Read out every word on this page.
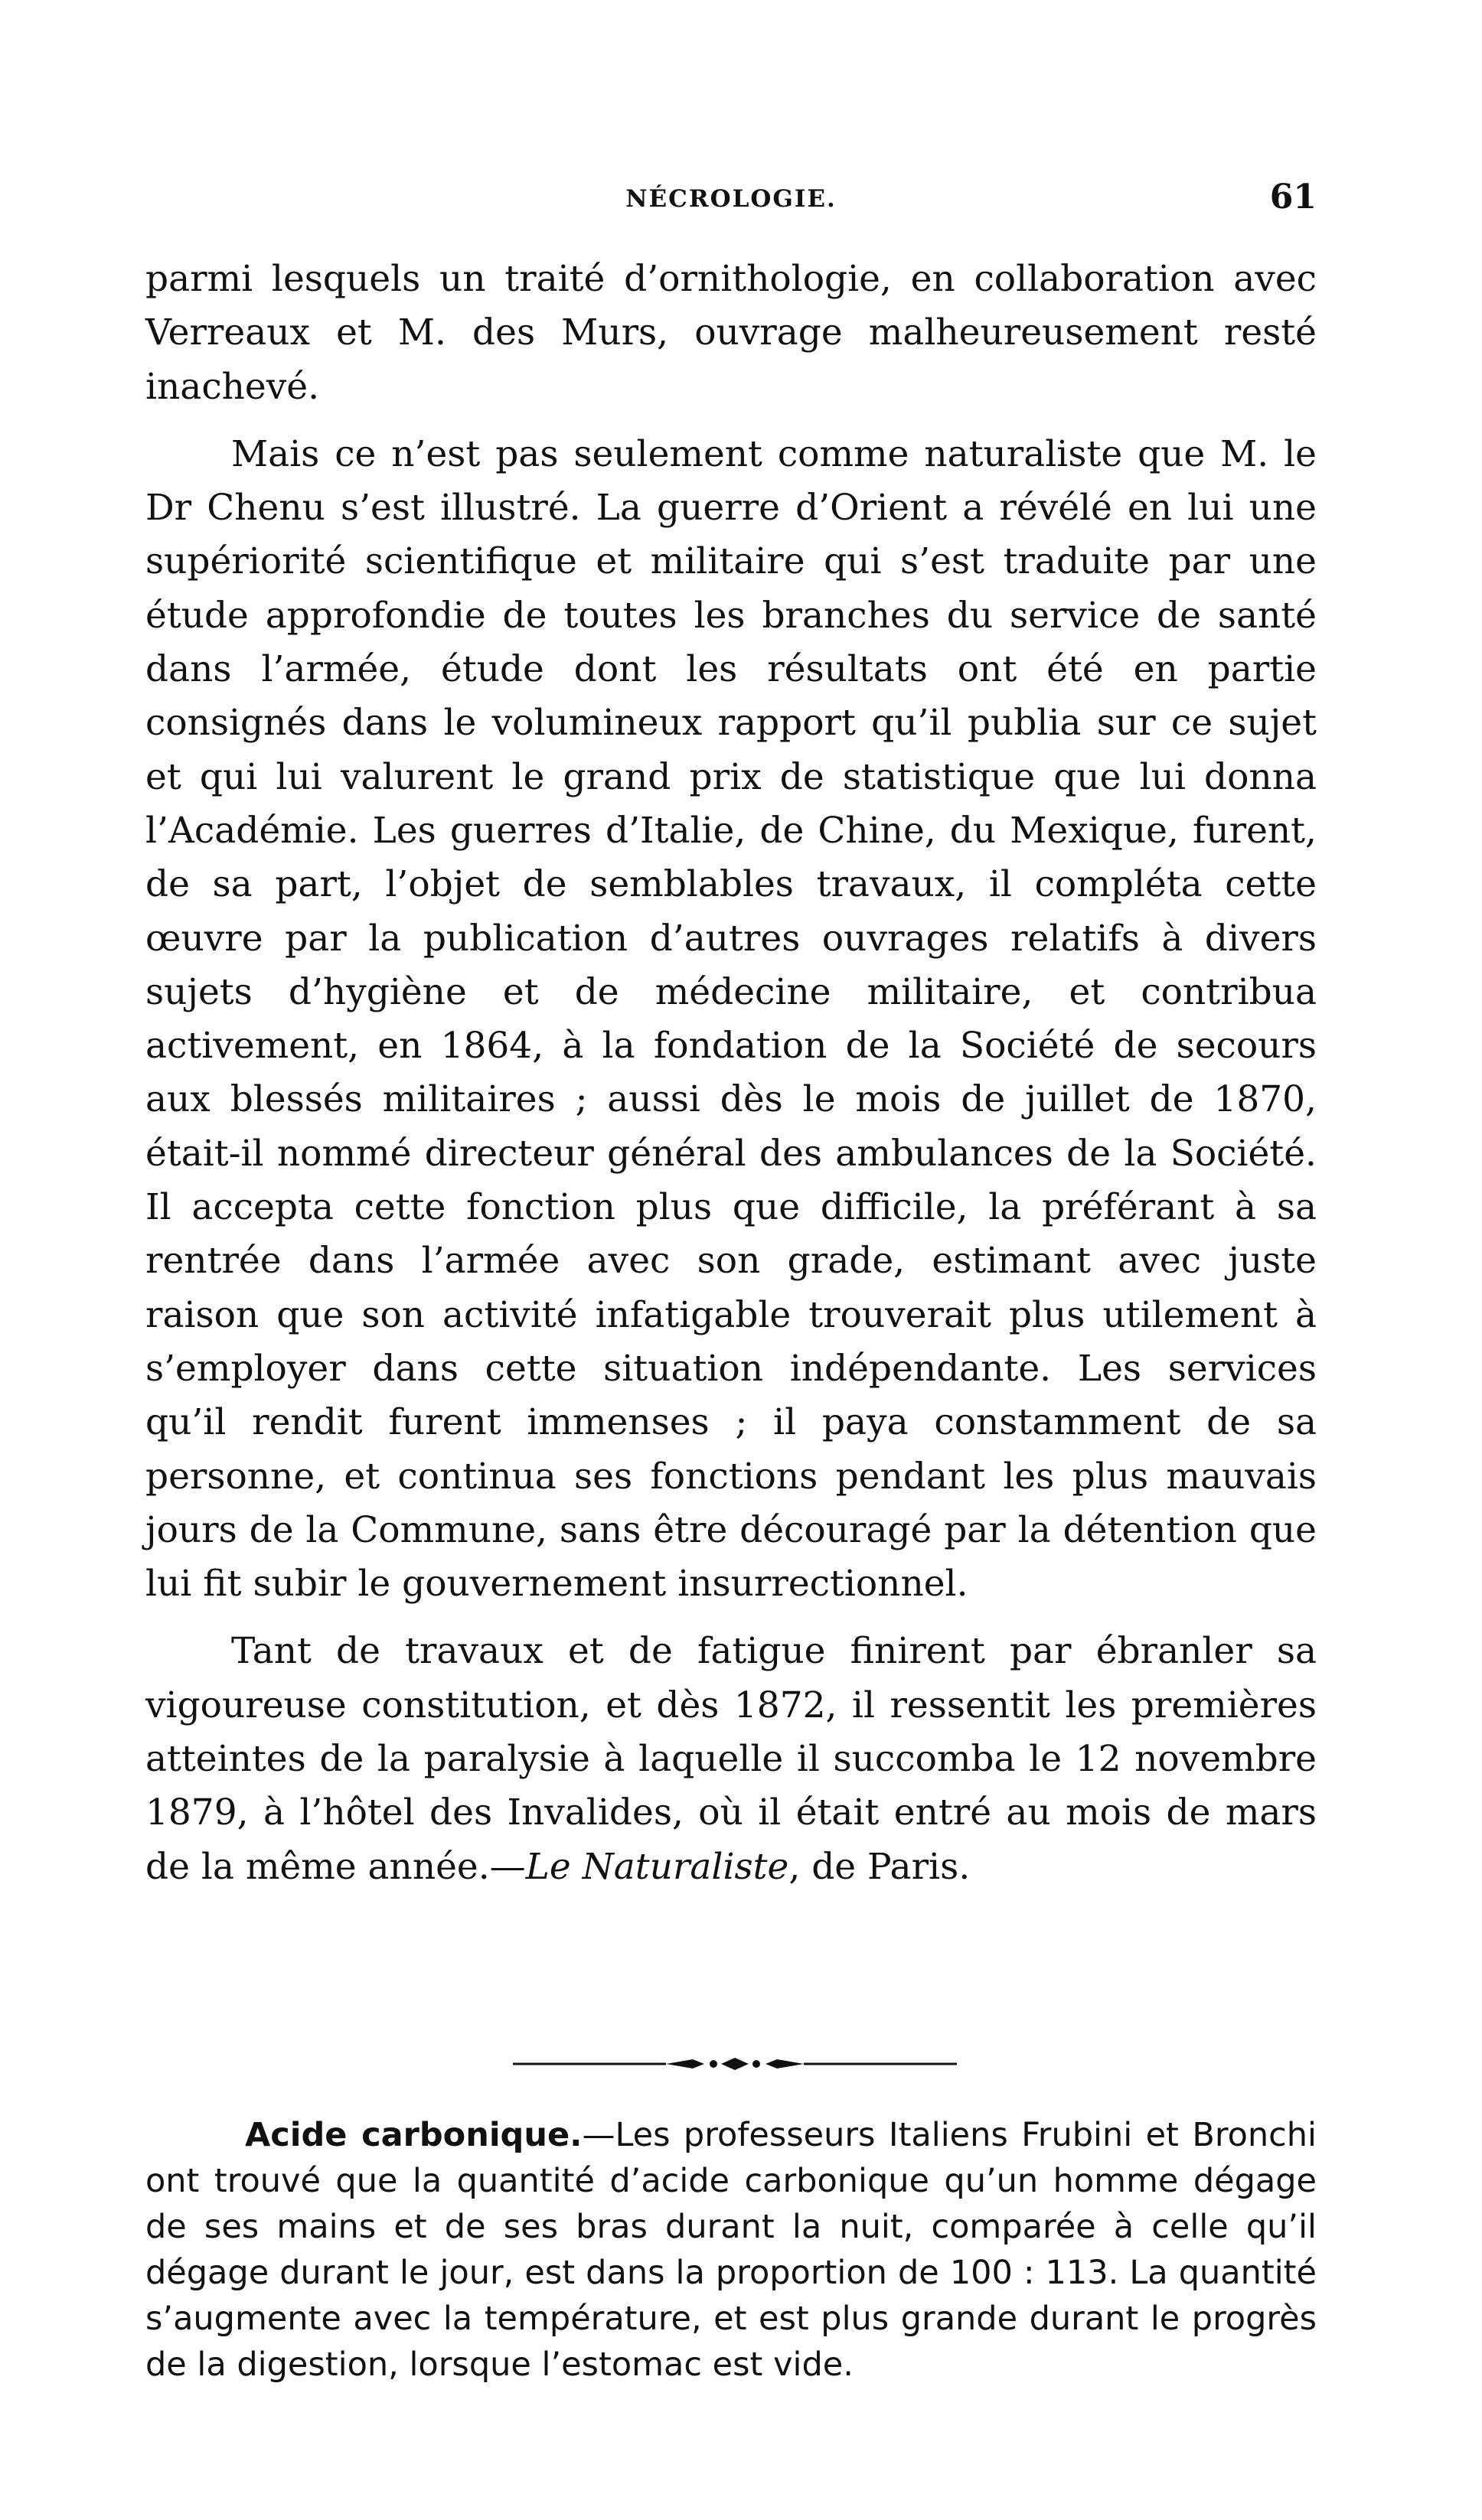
NÉCROLOGIE.	61

parmi lesquels un traité d’ornithologie, en collaboration avec Verreaux et M. des Murs, ouvrage malheureusement resté inachevé.

Mais ce n’est pas seulement comme naturaliste que M. le Dr Chenu s’est illustré. La guerre d’Orient a révélé en lui une supériorité scientifique et militaire qui s’est traduite par une étude approfondie de toutes les branches du service de santé dans l’armée, étude dont les résultats ont été en partie consignés dans le volumineux rapport qu’il publia sur ce sujet et qui lui valurent le grand prix de statistique que lui donna l’Académie. Les guerres d’Italie, de Chine, du Mexique, furent, de sa part, l’objet de semblables travaux, il compléta cette œuvre par la publication d’autres ouvrages relatifs à divers sujets d’hygiène et de médecine militaire, et contribua activement, en 1864, à la fondation de la Société de secours aux blessés militaires ; aussi dès le mois de juillet de 1870, était-il nommé directeur général des ambulances de la Société. Il accepta cette fonction plus que difficile, la préférant à sa rentrée dans l’armée avec son grade, estimant avec juste raison que son activité infatigable trouverait plus utilement à s’employer dans cette situation indépendante. Les services qu’il rendit furent immenses ; il paya constamment de sa personne, et continua ses fonctions pendant les plus mauvais jours de la Commune, sans être découragé par la détention que lui fit subir le gouvernement insurrectionnel.

Tant de travaux et de fatigue finirent par ébranler sa vigoureuse constitution, et dès 1872, il ressentit les premières atteintes de la paralysie à laquelle il succomba le 12 novembre 1879, à l’hôtel des Invalides, où il était entré au mois de mars de la même année.—Le Naturaliste, de Paris.

Acide carbonique.—Les professeurs Italiens Frubini et Bronchi ont trouvé que la quantité d’acide carbonique qu’un homme dégage de ses mains et de ses bras durant la nuit, comparée à celle qu’il dégage durant le jour, est dans la proportion de 100 : 113. La quantité s’augmente avec la température, et est plus grande durant le progrès de la digestion, lorsque l’estomac est vide.
